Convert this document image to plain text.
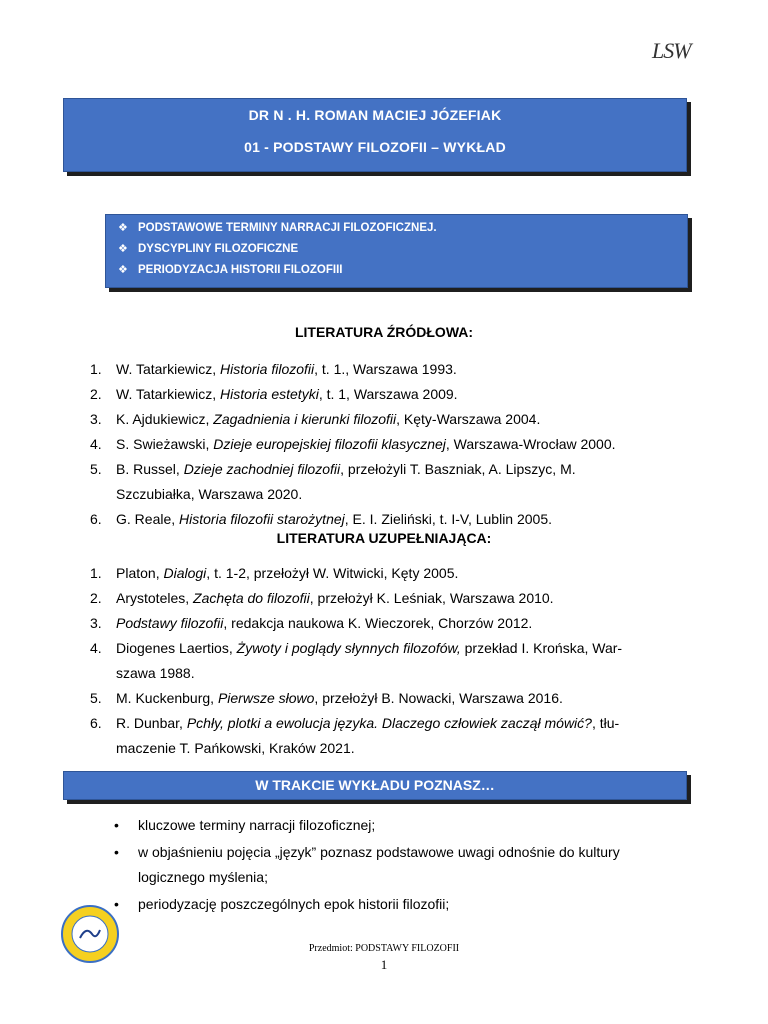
LSW
DR N . H. ROMAN MACIEJ JÓZEFIAK
01 - PODSTAWY FILOZOFII – WYKŁAD
❖ PODSTAWOWE TERMINY NARRACJI FILOZOFICZNEJ.
❖ DYSCYPLINY FILOZOFICZNE
❖ PERIODYZACJA HISTORII FILOZOFIII
LITERATURA ŹRÓDŁOWA:
1. W. Tatarkiewicz, Historia filozofii, t. 1., Warszawa 1993.
2. W. Tatarkiewicz, Historia estetyki, t. 1, Warszawa 2009.
3. K. Ajdukiewicz, Zagadnienia i kierunki filozofii, Kęty-Warszawa 2004.
4. S. Swieżawski, Dzieje europejskiej filozofii klasycznej, Warszawa-Wrocław 2000.
5. B. Russel, Dzieje zachodniej filozofii, przełożyli T. Baszniak, A. Lipszyc, M.
Szczubiałka, Warszawa 2020.
6. G. Reale, Historia filozofii starożytnej, E. I. Zieliński, t. I-V, Lublin 2005.
LITERATURA UZUPEŁNIAJĄCA:
1. Platon, Dialogi, t. 1-2, przełożył W. Witwicki, Kęty 2005.
2. Arystoteles, Zachęta do filozofii, przełożył K. Leśniak, Warszawa 2010.
3. Podstawy filozofii, redakcja naukowa K. Wieczorek, Chorzów 2012.
4. Diogenes Laertios, Żywoty i poglądy słynnych filozofów, przekład I. Krońska, War-
szawa 1988.
5. M. Kuckenburg, Pierwsze słowo, przełożył B. Nowacki, Warszawa 2016.
6. R. Dunbar, Pchły, plotki a ewolucja języka. Dlaczego człowiek zaczął mówić?, tłu-
maczenie T. Pańkowski, Kraków 2021.
W TRAKCIE WYKŁADU POZNASZ…
• kluczowe terminy narracji filozoficznej;
• w objaśnieniu pojęcia „język” poznasz podstawowe uwagi odnośnie do kultury
logicznego myślenia;
• periodyzację poszczególnych epok historii filozofii;
Przedmiot: PODSTAWY FILOZOFII
1
